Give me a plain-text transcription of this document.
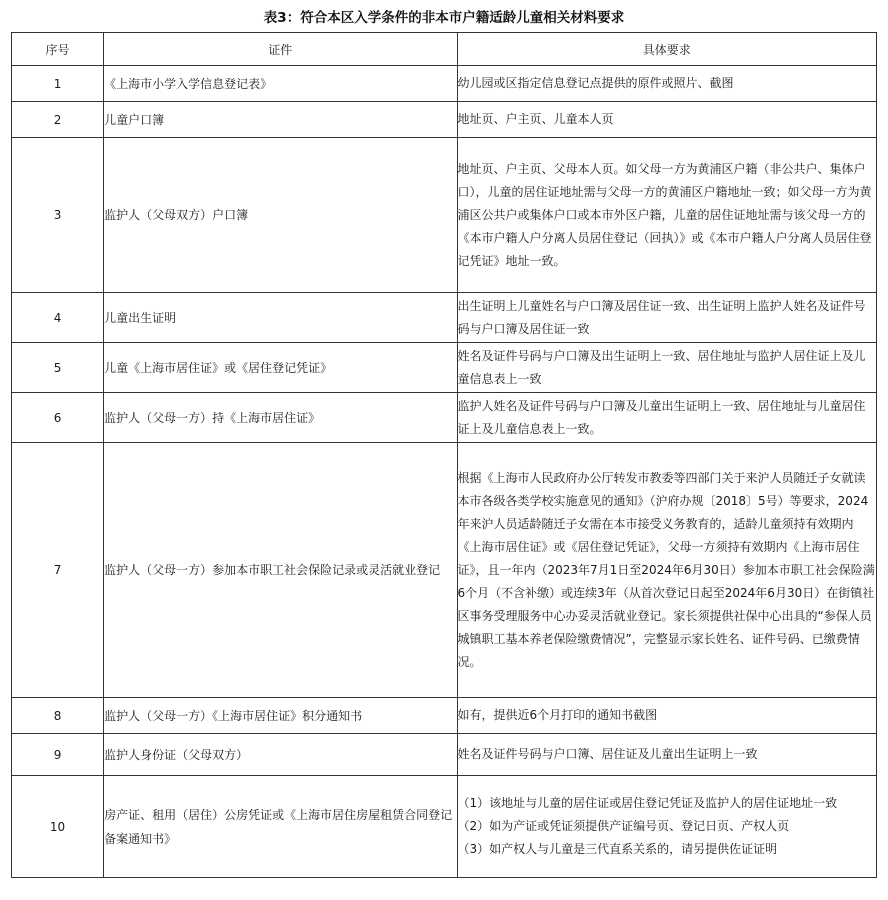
表3：符合本区入学条件的非本市户籍适龄儿童相关材料要求
序号	证件	具体要求
1	《上海市小学入学信息登记表》	幼儿园或区指定信息登记点提供的原件或照片、截图

2	儿童户口簿	地址页、户主页、儿童本人页

3	监护人（父母双方）户口簿	地址页、户主页、父母本人页。如父母一方为黄浦区户籍（非公共户、集体户口），儿童的居住证地址需与父母一方的黄浦区户籍地址一致；如父母一方为黄浦区公共户或集体户口或本市外区户籍，儿童的居住证地址需与该父母一方的《本市户籍人户分离人员居住登记（回执）》或《本市户籍人户分离人员居住登记凭证》地址一致。

4	儿童出生证明	出生证明上儿童姓名与户口簿及居住证一致、出生证明上监护人姓名及证件号码与户口簿及居住证一致

5	儿童《上海市居住证》或《居住登记凭证》	姓名及证件号码与户口簿及出生证明上一致、居住地址与监护人居住证上及儿童信息表上一致

6	监护人（父母一方）持《上海市居住证》	监护人姓名及证件号码与户口簿及儿童出生证明上一致、居住地址与儿童居住证上及儿童信息表上一致。

7	监护人（父母一方）参加本市职工社会保险记录或灵活就业登记	根据《上海市人民政府办公厅转发市教委等四部门关于来沪人员随迁子女就读本市各级各类学校实施意见的通知》（沪府办规〔2018〕5号）等要求，2024年来沪人员适龄随迁子女需在本市接受义务教育的，适龄儿童须持有效期内《上海市居住证》或《居住登记凭证》，父母一方须持有效期内《上海市居住证》，且一年内（2023年7月1日至2024年6月30日）参加本市职工社会保险满6个月（不含补缴）或连续3年（从首次登记日起至2024年6月30日）在街镇社区事务受理服务中心办妥灵活就业登记。家长须提供社保中心出具的“参保人员城镇职工基本养老保险缴费情况”，完整显示家长姓名、证件号码、已缴费情况。

8	监护人（父母一方）《上海市居住证》积分通知书	如有，提供近6个月打印的通知书截图

9	监护人身份证（父母双方）	姓名及证件号码与户口簿、居住证及儿童出生证明上一致

10	房产证、租用（居住）公房凭证或《上海市居住房屋租赁合同登记备案通知书》	（1）该地址与儿童的居住证或居住登记凭证及监护人的居住证地址一致
（2）如为产证或凭证须提供产证编号页、登记日页、产权人页
（3）如产权人与儿童是三代直系关系的，请另提供佐证证明
